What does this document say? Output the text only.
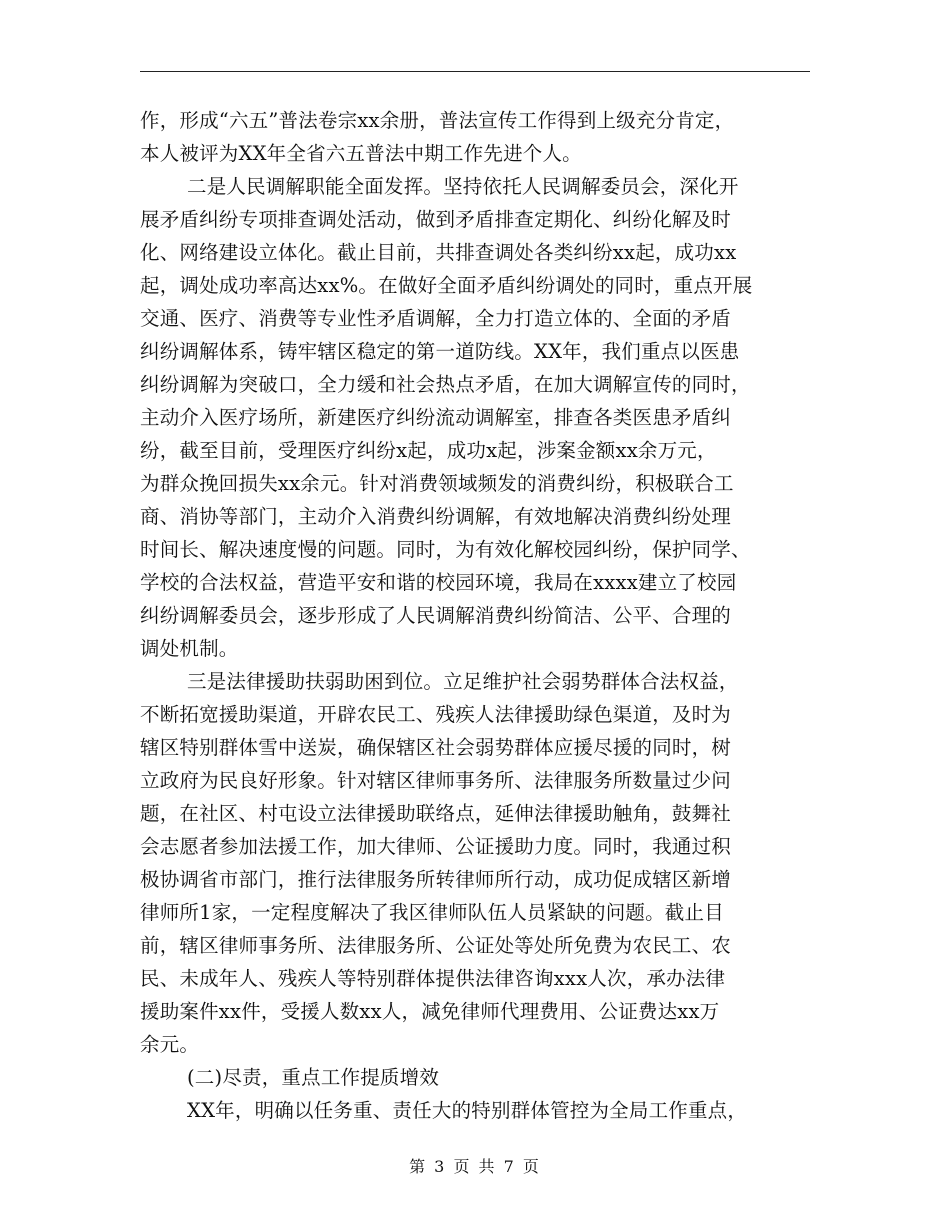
作，形成“六五”普法卷宗xx余册，普法宣传工作得到上级充分肯定，
本人被评为XX年全省六五普法中期工作先进个人。
二是人民调解职能全面发挥。坚持依托人民调解委员会，深化开
展矛盾纠纷专项排查调处活动，做到矛盾排查定期化、纠纷化解及时
化、网络建设立体化。截止目前，共排查调处各类纠纷xx起，成功xx
起，调处成功率高达xx%。在做好全面矛盾纠纷调处的同时，重点开展
交通、医疗、消费等专业性矛盾调解，全力打造立体的、全面的矛盾
纠纷调解体系，铸牢辖区稳定的第一道防线。XX年，我们重点以医患
纠纷调解为突破口，全力缓和社会热点矛盾，在加大调解宣传的同时，
主动介入医疗场所，新建医疗纠纷流动调解室，排查各类医患矛盾纠
纷，截至目前，受理医疗纠纷x起，成功x起，涉案金额xx余万元，
为群众挽回损失xx余元。针对消费领域频发的消费纠纷，积极联合工
商、消协等部门，主动介入消费纠纷调解，有效地解决消费纠纷处理
时间长、解决速度慢的问题。同时，为有效化解校园纠纷，保护同学、
学校的合法权益，营造平安和谐的校园环境，我局在xxxx建立了校园
纠纷调解委员会，逐步形成了人民调解消费纠纷简洁、公平、合理的
调处机制。
三是法律援助扶弱助困到位。立足维护社会弱势群体合法权益，
不断拓宽援助渠道，开辟农民工、残疾人法律援助绿色渠道，及时为
辖区特别群体雪中送炭，确保辖区社会弱势群体应援尽援的同时，树
立政府为民良好形象。针对辖区律师事务所、法律服务所数量过少问
题，在社区、村屯设立法律援助联络点，延伸法律援助触角，鼓舞社
会志愿者参加法援工作，加大律师、公证援助力度。同时，我通过积
极协调省市部门，推行法律服务所转律师所行动，成功促成辖区新增
律师所1家，一定程度解决了我区律师队伍人员紧缺的问题。截止目
前，辖区律师事务所、法律服务所、公证处等处所免费为农民工、农
民、未成年人、残疾人等特别群体提供法律咨询xxx人次，承办法律
援助案件xx件，受援人数xx人，减免律师代理费用、公证费达xx万
余元。
(二)尽责，重点工作提质增效
XX年，明确以任务重、责任大的特别群体管控为全局工作重点，
第 3 页 共 7 页
